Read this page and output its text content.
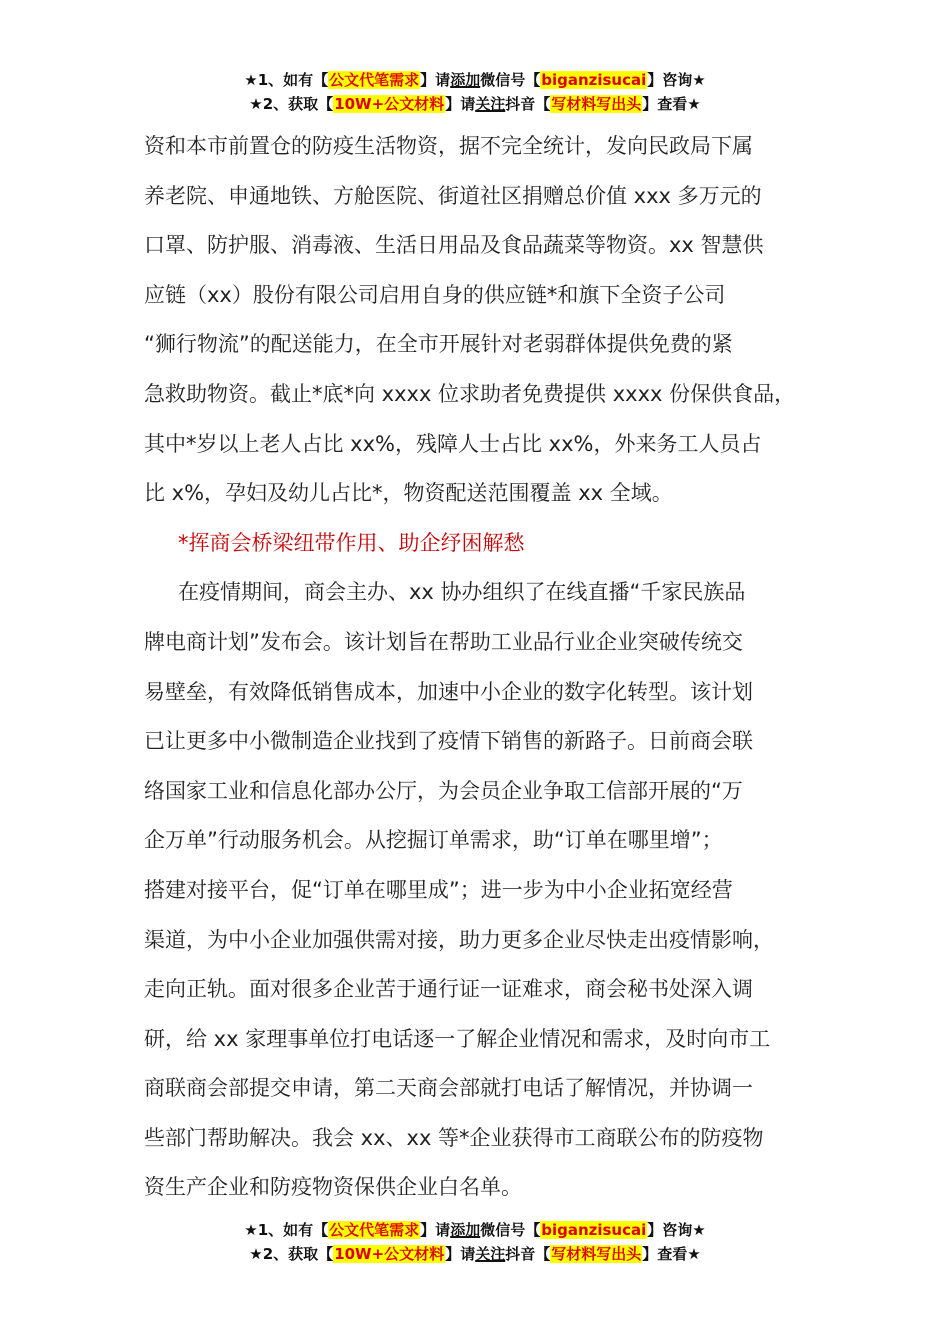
★1、如有【公文代笔需求】请添加微信号【biganzisucai】咨询★
★2、获取【10W+公文材料】请关注抖音【写材料写出头】查看★
资和本市前置仓的防疫生活物资，据不完全统计，发向民政局下属
养老院、申通地铁、方舱医院、街道社区捐赠总价值 xxx 多万元的
口罩、防护服、消毒液、生活日用品及食品蔬菜等物资。xx 智慧供
应链（xx）股份有限公司启用自身的供应链*和旗下全资子公司
“狮行物流”的配送能力，在全市开展针对老弱群体提供免费的紧
急救助物资。截止*底*向 xxxx 位求助者免费提供 xxxx 份保供食品，
其中*岁以上老人占比 xx%，残障人士占比 xx%，外来务工人员占
比 x%，孕妇及幼儿占比*，物资配送范围覆盖 xx 全域。
*挥商会桥梁纽带作用、助企纾困解愁
在疫情期间，商会主办、xx 协办组织了在线直播“千家民族品
牌电商计划”发布会。该计划旨在帮助工业品行业企业突破传统交
易壁垒，有效降低销售成本，加速中小企业的数字化转型。该计划
已让更多中小微制造企业找到了疫情下销售的新路子。日前商会联
络国家工业和信息化部办公厅，为会员企业争取工信部开展的“万
企万单”行动服务机会。从挖掘订单需求，助“订单在哪里增”；
搭建对接平台，促“订单在哪里成”；进一步为中小企业拓宽经营
渠道，为中小企业加强供需对接，助力更多企业尽快走出疫情影响，
走向正轨。面对很多企业苦于通行证一证难求，商会秘书处深入调
研，给 xx 家理事单位打电话逐一了解企业情况和需求，及时向市工
商联商会部提交申请，第二天商会部就打电话了解情况，并协调一
些部门帮助解决。我会 xx、xx 等*企业获得市工商联公布的防疫物
资生产企业和防疫物资保供企业白名单。
★1、如有【公文代笔需求】请添加微信号【biganzisucai】咨询★
★2、获取【10W+公文材料】请关注抖音【写材料写出头】查看★
